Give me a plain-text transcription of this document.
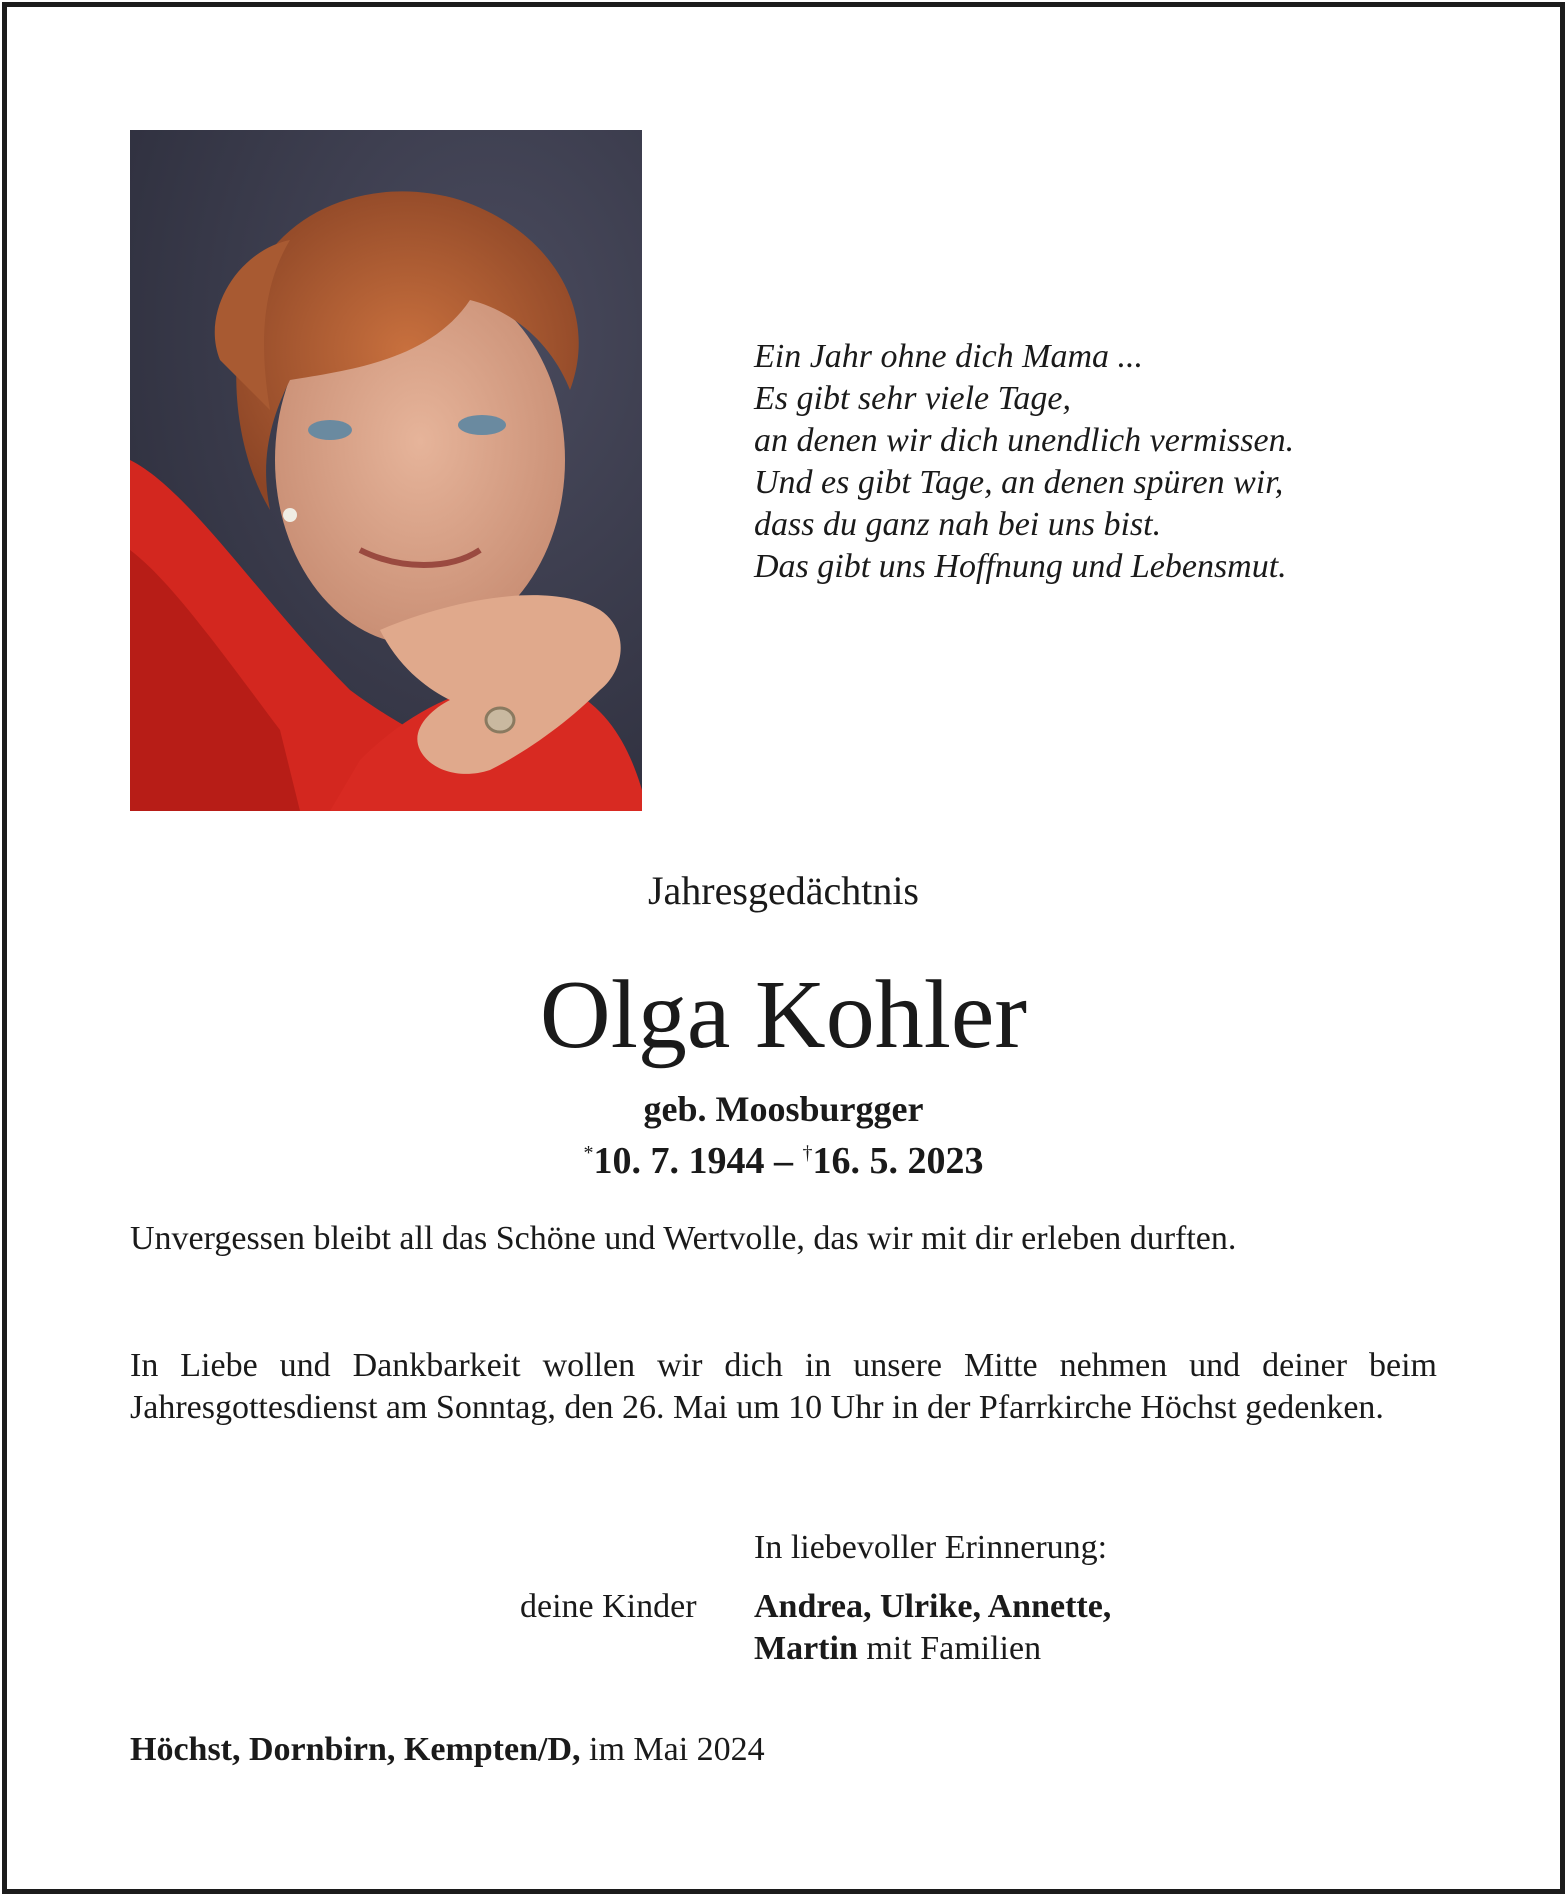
Ein Jahr ohne dich Mama ...
Es gibt sehr viele Tage,
an denen wir dich unendlich vermissen.
Und es gibt Tage, an denen spüren wir,
dass du ganz nah bei uns bist.
Das gibt uns Hoffnung und Lebensmut.
Jahresgedächtnis
Olga Kohler
geb. Moosburgger
*10. 7. 1944 – †16. 5. 2023
Unvergessen bleibt all das Schöne und Wertvolle, das wir mit dir erleben durften.
In Liebe und Dankbarkeit wollen wir dich in unsere Mitte nehmen und deiner beim Jahresgottesdienst am Sonntag, den 26. Mai um 10 Uhr in der Pfarrkirche Höchst gedenken.
In liebevoller Erinnerung:
deine Kinder Andrea, Ulrike, Annette,
Martin mit Familien
Höchst, Dornbirn, Kempten/D, im Mai 2024
